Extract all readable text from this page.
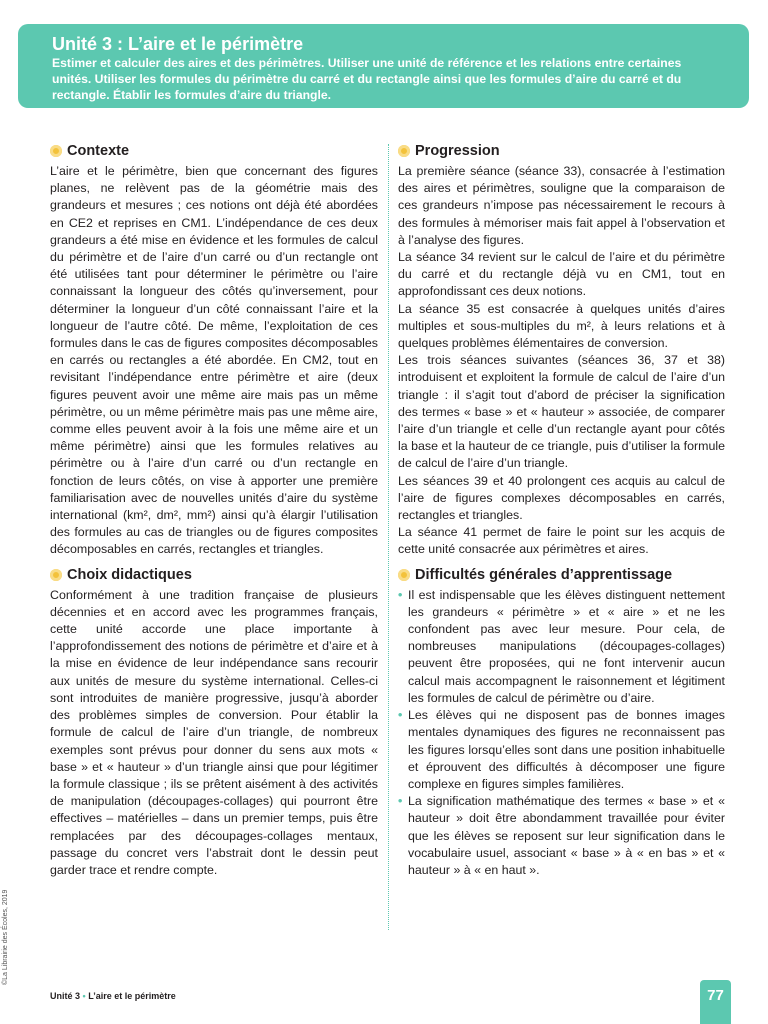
Unité 3 : L’aire et le périmètre

Estimer et calculer des aires et des périmètres. Utiliser une unité de référence et les relations entre certaines unités. Utiliser les formules du périmètre du carré et du rectangle ainsi que les formules d’aire du carré et du rectangle. Établir les formules d’aire du triangle.

Contexte

L’aire et le périmètre, bien que concernant des figures planes, ne relèvent pas de la géométrie mais des grandeurs et mesures ; ces notions ont déjà été abordées en CE2 et reprises en CM1. L’indépendance de ces deux grandeurs a été mise en évidence et les formules de calcul du périmètre et de l’aire d’un carré ou d’un rectangle ont été utilisées tant pour déterminer le périmètre ou l’aire connaissant la longueur des côtés qu’inversement, pour déterminer la longueur d’un côté connaissant l’aire et la longueur de l’autre côté. De même, l’exploitation de ces formules dans le cas de figures composites décomposables en carrés ou rectangles a été abordée. En CM2, tout en revisitant l’indépendance entre périmètre et aire (deux figures peuvent avoir une même aire mais pas un même périmètre, ou un même périmètre mais pas une même aire, comme elles peuvent avoir à la fois une même aire et un même périmètre) ainsi que les formules relatives au périmètre ou à l’aire d’un carré ou d’un rectangle en fonction de leurs côtés, on vise à apporter une première familiarisation avec de nouvelles unités d’aire du système international (km², dm², mm²) ainsi qu’à élargir l’utilisation des formules au cas de triangles ou de figures composites décomposables en carrés, rectangles et triangles.

Choix didactiques

Conformément à une tradition française de plusieurs décennies et en accord avec les programmes français, cette unité accorde une place importante à l’approfondissement des notions de périmètre et d’aire et à la mise en évidence de leur indépendance sans recourir aux unités de mesure du système international. Celles-ci sont introduites de manière progressive, jusqu’à aborder des problèmes simples de conversion. Pour établir la formule de calcul de l’aire d’un triangle, de nombreux exemples sont prévus pour donner du sens aux mots « base » et « hauteur » d’un triangle ainsi que pour légitimer la formule classique ; ils se prêtent aisément à des activités de manipulation (découpages-collages) qui pourront être effectives – matérielles – dans un premier temps, puis être remplacées par des découpages-collages mentaux, passage du concret vers l’abstrait dont le dessin peut garder trace et rendre compte.

Progression

La première séance (séance 33), consacrée à l’estimation des aires et périmètres, souligne que la comparaison de ces grandeurs n’impose pas nécessairement le recours à des formules à mémoriser mais fait appel à l’observation et à l’analyse des figures.

La séance 34 revient sur le calcul de l’aire et du périmètre du carré et du rectangle déjà vu en CM1, tout en approfondissant ces deux notions.

La séance 35 est consacrée à quelques unités d’aires multiples et sous-multiples du m², à leurs relations et à quelques problèmes élémentaires de conversion.

Les trois séances suivantes (séances 36, 37 et 38) introduisent et exploitent la formule de calcul de l’aire d’un triangle : il s’agit tout d’abord de préciser la signification des termes « base » et « hauteur » associée, de comparer l’aire d’un triangle et celle d’un rectangle ayant pour côtés la base et la hauteur de ce triangle, puis d’utiliser la formule de calcul de l’aire d’un triangle.

Les séances 39 et 40 prolongent ces acquis au calcul de l’aire de figures complexes décomposables en carrés, rectangles et triangles.

La séance 41 permet de faire le point sur les acquis de cette unité consacrée aux périmètres et aires.

Difficultés générales d’apprentissage
• Il est indispensable que les élèves distinguent nettement les grandeurs « périmètre » et « aire » et ne les confondent pas avec leur mesure. Pour cela, de nombreuses manipulations (découpages-collages) peuvent être proposées, qui ne font intervenir aucun calcul mais accompagnent le raisonnement et légitiment les formules de calcul de périmètre ou d’aire.
• Les élèves qui ne disposent pas de bonnes images mentales dynamiques des figures ne reconnaissent pas les figures lorsqu’elles sont dans une position inhabituelle et éprouvent des difficultés à décomposer une figure complexe en figures simples familières.
• La signification mathématique des termes « base » et « hauteur » doit être abondamment travaillée pour éviter que les élèves se reposent sur leur signification dans le vocabulaire usuel, associant « base » à « en bas » et « hauteur » à « en haut ».
©La Librairie des Écoles, 2019
Unité 3 • L’aire et le périmètre	77
